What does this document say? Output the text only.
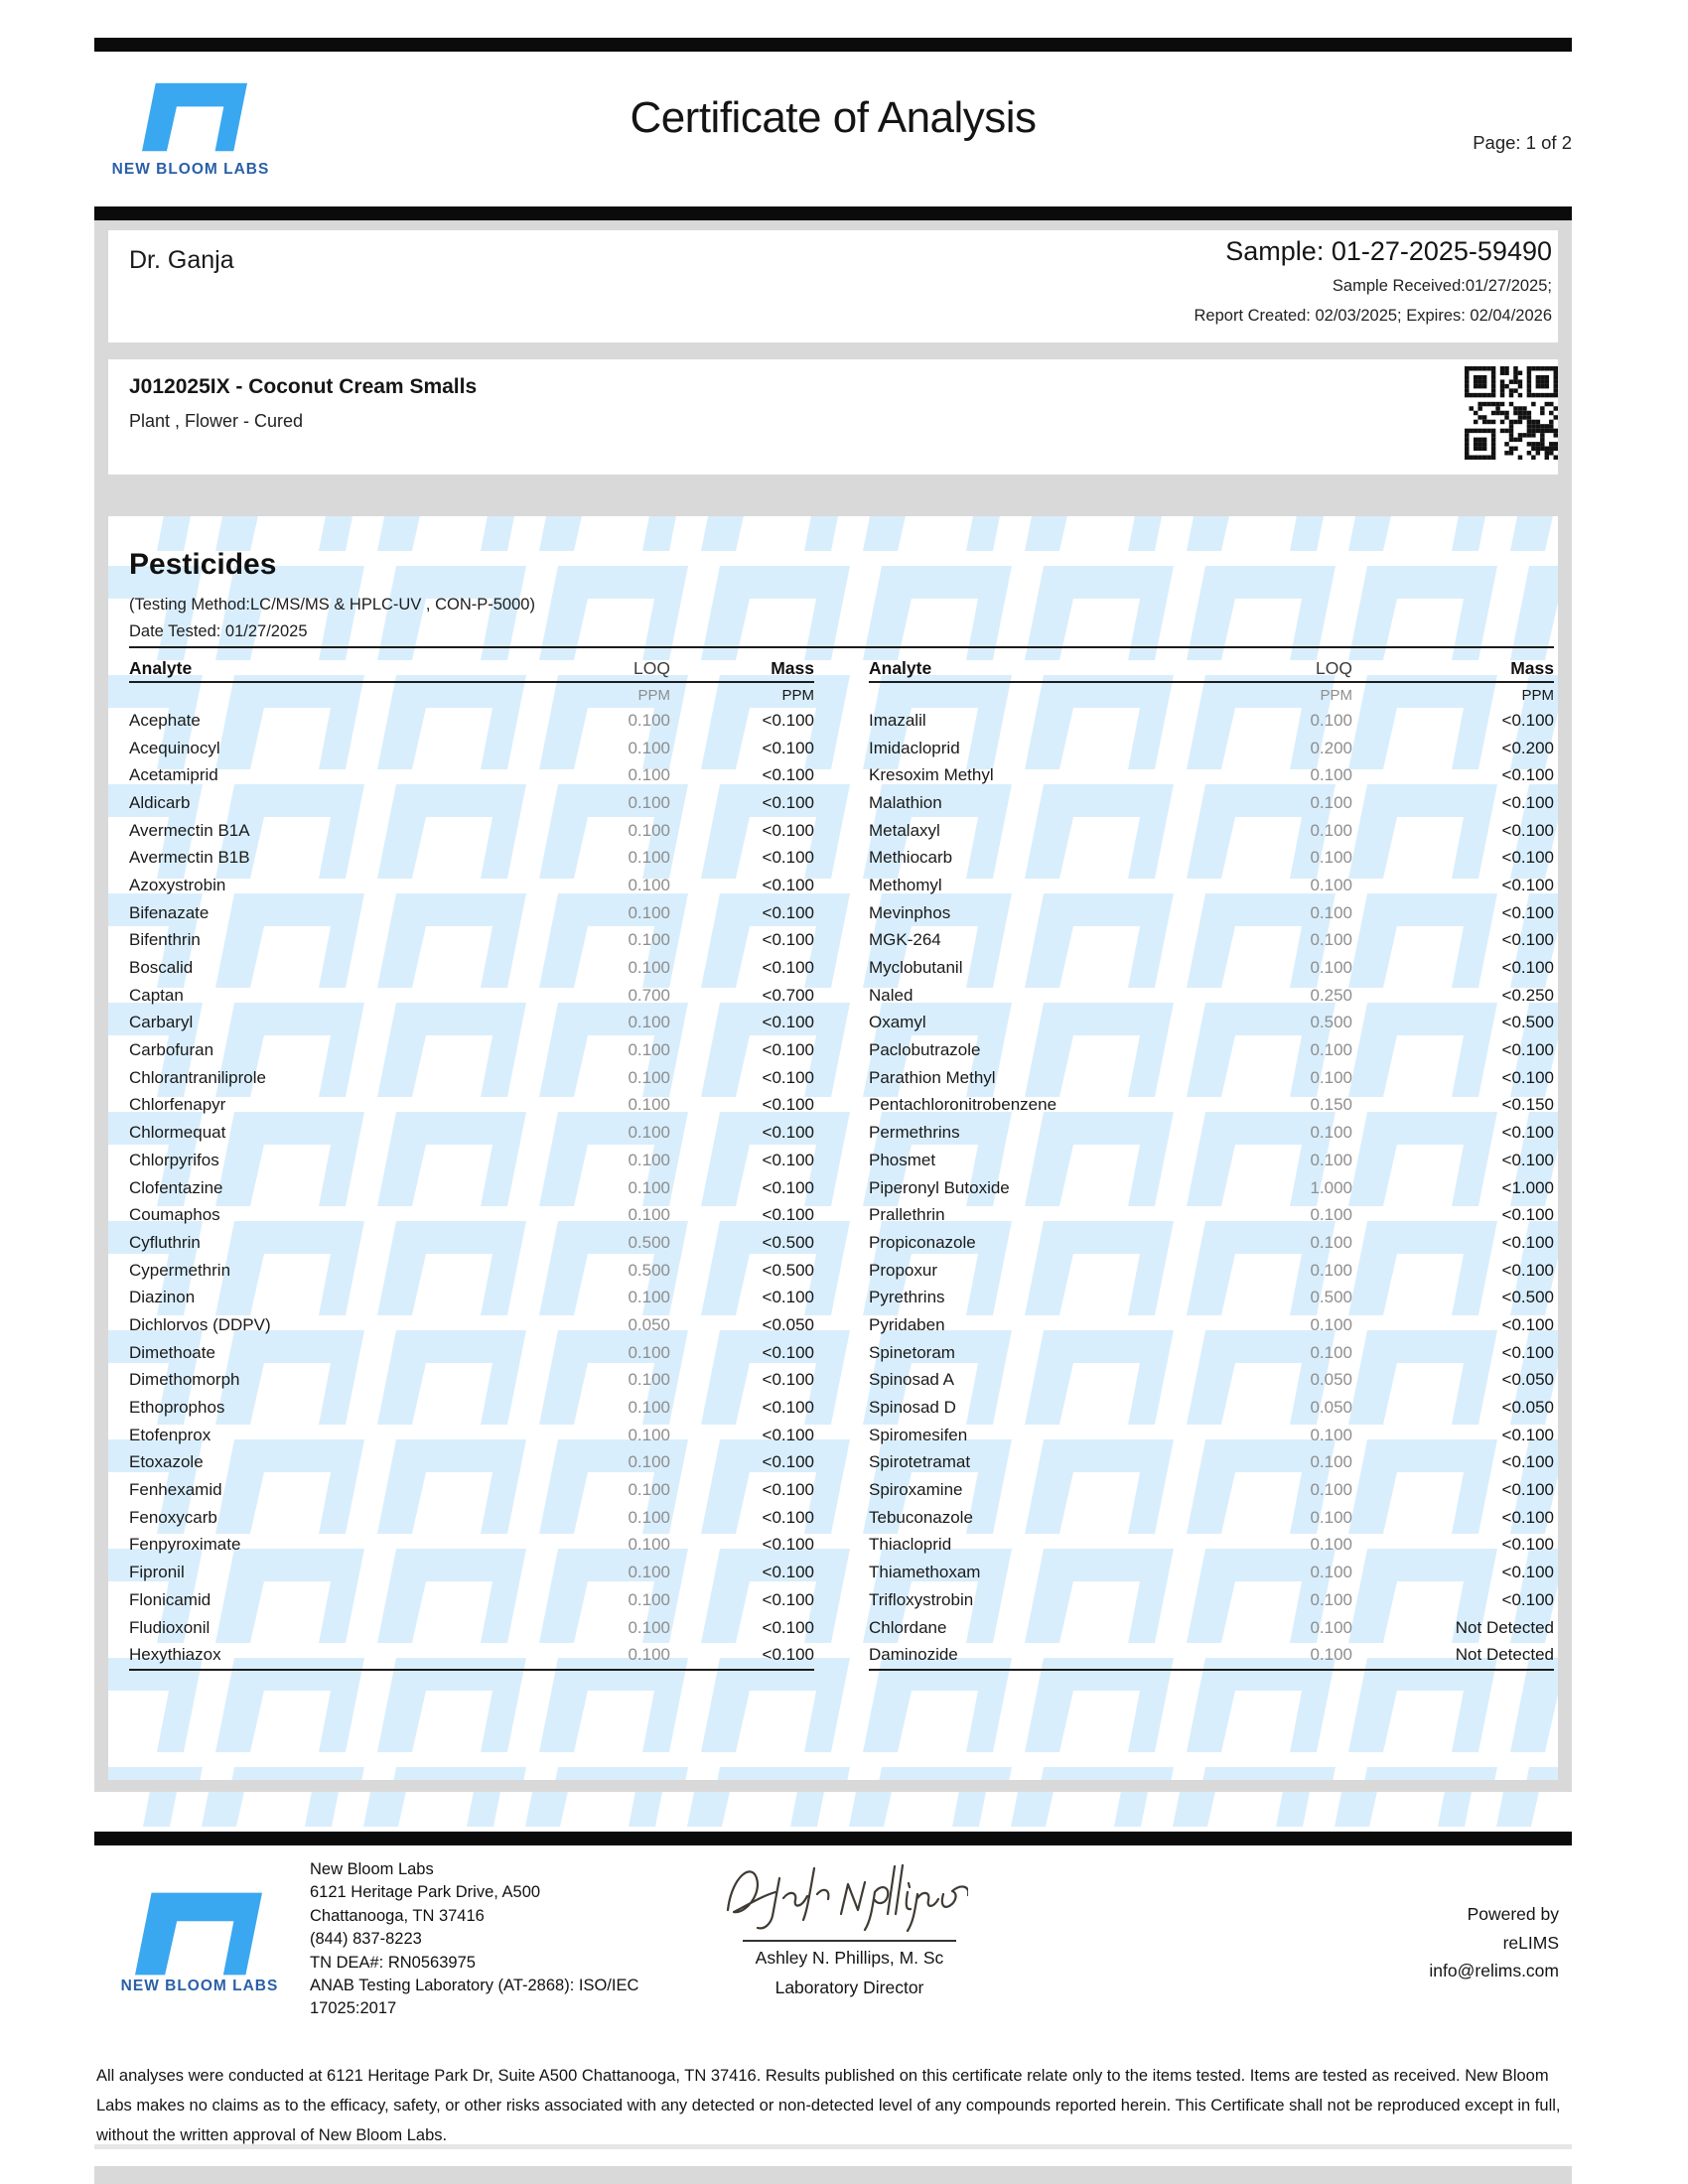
NEW BLOOM LABS
Certificate of Analysis
Page: 1 of 2
Dr. Ganja	Sample: 01-27-2025-59490
Sample Received:01/27/2025;
Report Created: 02/03/2025; Expires: 02/04/2026
J012025IX - Coconut Cream Smalls
Plant , Flower - Cured
Pesticides
(Testing Method:LC/MS/MS & HPLC-UV , CON-P-5000)
Date Tested: 01/27/2025
Analyte	LOQ	Mass
PPM	PPM
Acephate	0.100	<0.100
Acequinocyl	0.100	<0.100
Acetamiprid	0.100	<0.100
Aldicarb	0.100	<0.100
Avermectin B1A	0.100	<0.100
Avermectin B1B	0.100	<0.100
Azoxystrobin	0.100	<0.100
Bifenazate	0.100	<0.100
Bifenthrin	0.100	<0.100
Boscalid	0.100	<0.100
Captan	0.700	<0.700
Carbaryl	0.100	<0.100
Carbofuran	0.100	<0.100
Chlorantraniliprole	0.100	<0.100
Chlorfenapyr	0.100	<0.100
Chlormequat	0.100	<0.100
Chlorpyrifos	0.100	<0.100
Clofentazine	0.100	<0.100
Coumaphos	0.100	<0.100
Cyfluthrin	0.500	<0.500
Cypermethrin	0.500	<0.500
Diazinon	0.100	<0.100
Dichlorvos (DDPV)	0.050	<0.050
Dimethoate	0.100	<0.100
Dimethomorph	0.100	<0.100
Ethoprophos	0.100	<0.100
Etofenprox	0.100	<0.100
Etoxazole	0.100	<0.100
Fenhexamid	0.100	<0.100
Fenoxycarb	0.100	<0.100
Fenpyroximate	0.100	<0.100
Fipronil	0.100	<0.100
Flonicamid	0.100	<0.100
Fludioxonil	0.100	<0.100
Hexythiazox	0.100	<0.100
Analyte	LOQ	Mass
PPM	PPM
Imazalil	0.100	<0.100
Imidacloprid	0.200	<0.200
Kresoxim Methyl	0.100	<0.100
Malathion	0.100	<0.100
Metalaxyl	0.100	<0.100
Methiocarb	0.100	<0.100
Methomyl	0.100	<0.100
Mevinphos	0.100	<0.100
MGK-264	0.100	<0.100
Myclobutanil	0.100	<0.100
Naled	0.250	<0.250
Oxamyl	0.500	<0.500
Paclobutrazole	0.100	<0.100
Parathion Methyl	0.100	<0.100
Pentachloronitrobenzene	0.150	<0.150
Permethrins	0.100	<0.100
Phosmet	0.100	<0.100
Piperonyl Butoxide	1.000	<1.000
Prallethrin	0.100	<0.100
Propiconazole	0.100	<0.100
Propoxur	0.100	<0.100
Pyrethrins	0.500	<0.500
Pyridaben	0.100	<0.100
Spinetoram	0.100	<0.100
Spinosad A	0.050	<0.050
Spinosad D	0.050	<0.050
Spiromesifen	0.100	<0.100
Spirotetramat	0.100	<0.100
Spiroxamine	0.100	<0.100
Tebuconazole	0.100	<0.100
Thiacloprid	0.100	<0.100
Thiamethoxam	0.100	<0.100
Trifloxystrobin	0.100	<0.100
Chlordane	0.100	Not Detected
Daminozide	0.100	Not Detected
NEW BLOOM LABS
New Bloom Labs
6121 Heritage Park Drive, A500
Chattanooga, TN 37416
(844) 837-8223
TN DEA#: RN0563975
ANAB Testing Laboratory (AT-2868): ISO/IEC
17025:2017
Ashley N. Phillips, M. Sc
Laboratory Director
Powered by
reLIMS
info@relims.com
All analyses were conducted at 6121 Heritage Park Dr, Suite A500 Chattanooga, TN 37416. Results published on this certificate relate only to the items tested. Items are tested as received. New Bloom Labs makes no claims as to the efficacy, safety, or other risks associated with any detected or non-detected level of any compounds reported herein. This Certificate shall not be reproduced except in full, without the written approval of New Bloom Labs.
